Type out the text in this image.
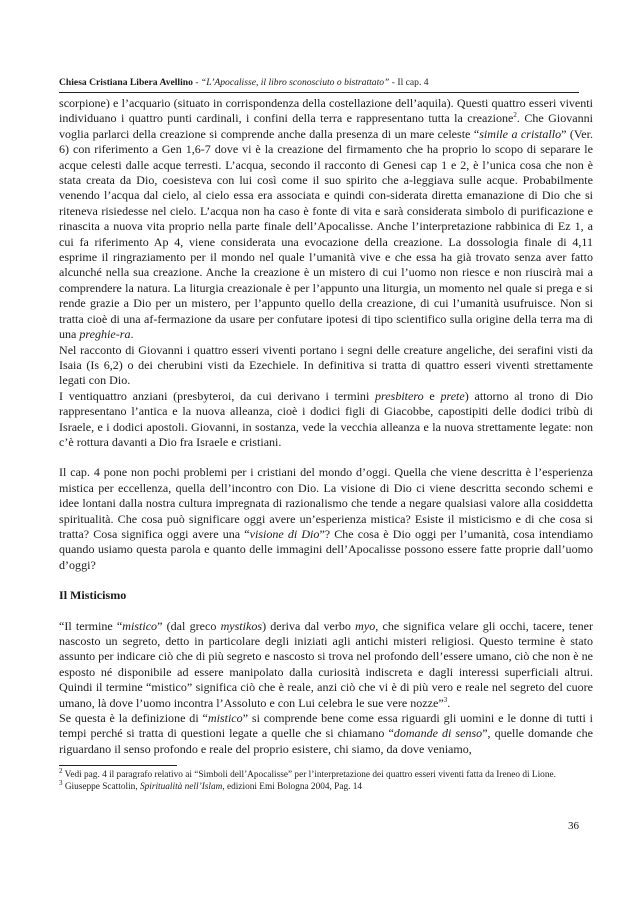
Chiesa Cristiana Libera Avellino - “L’Apocalisse, il libro sconosciuto o bistrattato” - Il cap. 4

scorpione) e l’acquario (situato in corrispondenza della costellazione dell’aquila). Questi quattro esseri viventi individuano i quattro punti cardinali, i confini della terra e rappresentano tutta la creazione$^2$. Che Giovanni voglia parlarci della creazione si comprende anche dalla presenza di un mare celeste “simile a cristallo” (Ver. 6) con riferimento a Gen 1,6-7 dove vi è la creazione del firmamento che ha proprio lo scopo di separare le acque celesti dalle acque terresti. L’acqua, secondo il racconto di Genesi cap 1 e 2, è l’unica cosa che non è stata creata da Dio, coesisteva con lui così come il suo spirito che a-leggiava sulle acque. Probabilmente venendo l’acqua dal cielo, al cielo essa era associata e quindi con-siderata diretta emanazione di Dio che si riteneva risiedesse nel cielo. L’acqua non ha caso è fonte di vita e sarà considerata simbolo di purificazione e rinascita a nuova vita proprio nella parte finale dell’Apocalisse. Anche l’interpretazione rabbinica di Ez 1, a cui fa riferimento Ap 4, viene considerata una evocazione della creazione. La dossologia finale di 4,11 esprime il ringraziamento per il mondo nel quale l’umanità vive e che essa ha già trovato senza aver fatto alcunché nella sua creazione. Anche la creazione è un mistero di cui l’uomo non riesce e non riuscirà mai a comprendere la natura. La liturgia creazionale è per l’appunto una liturgia, un momento nel quale si prega e si rende grazie a Dio per un mistero, per l’appunto quello della creazione, di cui l’umanità usufruisce. Non si tratta cioè di una af-fermazione da usare per confutare ipotesi di tipo scientifico sulla origine della terra ma di una preghie-ra.

Nel racconto di Giovanni i quattro esseri viventi portano i segni delle creature angeliche, dei serafini visti da Isaia (Is 6,2) o dei cherubini visti da Ezechiele. In definitiva si tratta di quattro esseri viventi strettamente legati con Dio.

I ventiquattro anziani (presbyteroi, da cui derivano i termini presbitero e prete) attorno al trono di Dio rappresentano l’antica e la nuova alleanza, cioè i dodici figli di Giacobbe, capostipiti delle dodici tribù di Israele, e i dodici apostoli. Giovanni, in sostanza, vede la vecchia alleanza e la nuova strettamente legate: non c’è rottura davanti a Dio fra Israele e cristiani.

Il cap. 4 pone non pochi problemi per i cristiani del mondo d’oggi. Quella che viene descritta è l’esperienza mistica per eccellenza, quella dell’incontro con Dio. La visione di Dio ci viene descritta secondo schemi e idee lontani dalla nostra cultura impregnata di razionalismo che tende a negare qualsiasi valore alla cosiddetta spiritualità. Che cosa può significare oggi avere un’esperienza mistica? Esiste il misticismo e di che cosa si tratta? Cosa significa oggi avere una “visione di Dio”? Che cosa è Dio oggi per l’umanità, cosa intendiamo quando usiamo questa parola e quanto delle immagini dell’Apocalisse possono essere fatte proprie dall’uomo d’oggi?

Il Misticismo

“Il termine “mistico” (dal greco mystikos) deriva dal verbo myo, che significa velare gli occhi, tacere, tener nascosto un segreto, detto in particolare degli iniziati agli antichi misteri religiosi. Questo termine è stato assunto per indicare ciò che di più segreto e nascosto si trova nel profondo dell’essere umano, ciò che non è ne esposto né disponibile ad essere manipolato dalla curiosità indiscreta e dagli interessi superficiali altrui. Quindi il termine “mistico” significa ciò che è reale, anzi ciò che vi è di più vero e reale nel segreto del cuore umano, là dove l’uomo incontra l’Assoluto e con Lui celebra le sue vere nozze”$^3$.

Se questa è la definizione di “mistico” si comprende bene come essa riguardi gli uomini e le donne di tutti i tempi perché si tratta di questioni legate a quelle che si chiamano “domande di senso”, quelle domande che riguardano il senso profondo e reale del proprio esistere, chi siamo, da dove veniamo,

$^2$ Vedi pag. 4 il paragrafo relativo ai “Simboli dell’Apocalisse” per l’interpretazione dei quattro esseri viventi fatta da Ireneo di Lione.

$^3$ Giuseppe Scattolin, Spiritualità nell’Islam, edizioni Emi Bologna 2004, Pag. 14

36
